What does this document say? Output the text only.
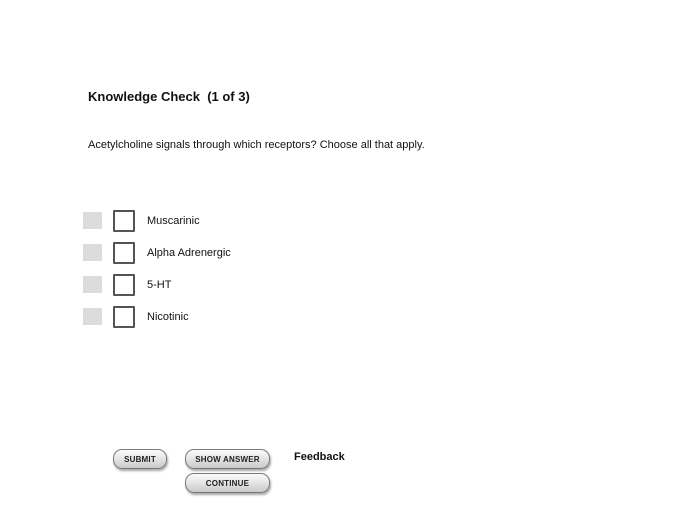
Knowledge Check  (1 of 3)
Acetylcholine signals through which receptors? Choose all that apply.
Muscarinic
Alpha Adrenergic
5-HT
Nicotinic
SUBMIT	SHOW ANSWER
CONTINUE
Feedback
